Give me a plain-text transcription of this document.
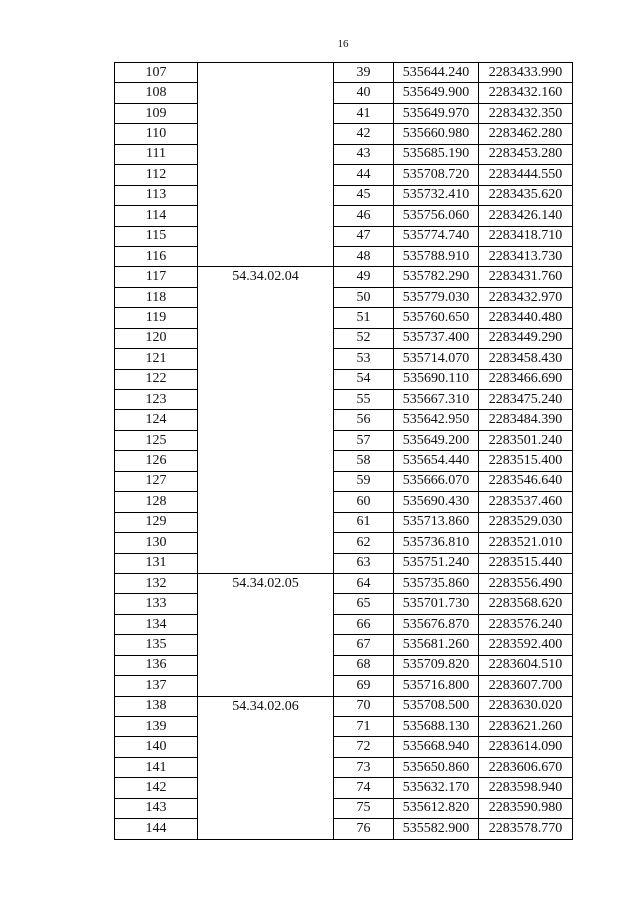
16
107		39	535644.240	2283433.990
108		40	535649.900	2283432.160
109		41	535649.970	2283432.350
110		42	535660.980	2283462.280
111		43	535685.190	2283453.280
112		44	535708.720	2283444.550
113		45	535732.410	2283435.620
114		46	535756.060	2283426.140
115		47	535774.740	2283418.710
116		48	535788.910	2283413.730
117	54.34.02.04	49	535782.290	2283431.760
118		50	535779.030	2283432.970
119		51	535760.650	2283440.480
120		52	535737.400	2283449.290
121		53	535714.070	2283458.430
122		54	535690.110	2283466.690
123		55	535667.310	2283475.240
124		56	535642.950	2283484.390
125		57	535649.200	2283501.240
126		58	535654.440	2283515.400
127		59	535666.070	2283546.640
128		60	535690.430	2283537.460
129		61	535713.860	2283529.030
130		62	535736.810	2283521.010
131		63	535751.240	2283515.440
132	54.34.02.05	64	535735.860	2283556.490
133		65	535701.730	2283568.620
134		66	535676.870	2283576.240
135		67	535681.260	2283592.400
136		68	535709.820	2283604.510
137		69	535716.800	2283607.700
138	54.34.02.06	70	535708.500	2283630.020
139		71	535688.130	2283621.260
140		72	535668.940	2283614.090
141		73	535650.860	2283606.670
142		74	535632.170	2283598.940
143		75	535612.820	2283590.980
144		76	535582.900	2283578.770
